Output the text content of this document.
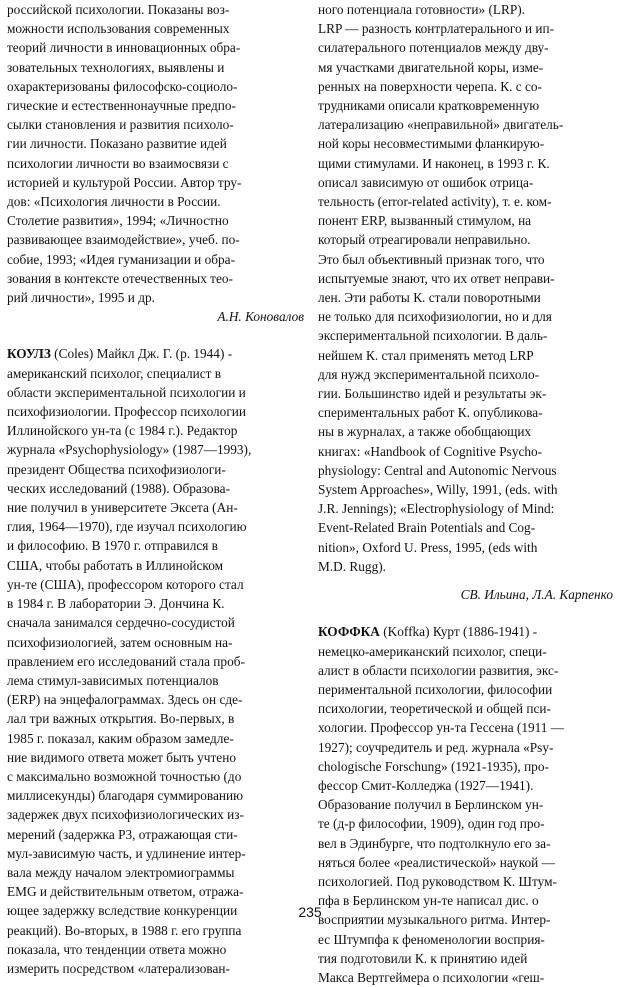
российской психологии. Показаны воз-
можности использования современных
теорий личности в инновационных обра-
зовательных технологиях, выявлены и
охарактеризованы философско-социоло-
гические и естественнонаучные предпо-
сылки становления и развития психоло-
гии личности. Показано развитие идей
психологии личности во взаимосвязи с
историей и культурой России. Автор тру-
дов: «Психология личности в России.
Столетие развития», 1994; «Личностно
развивающее взаимодействие», учеб. по-
собие, 1993; «Идея гуманизации и обра-
зования в контексте отечественных тео-
рий личности», 1995 и др.
А.Н. Коновалов
КОУЛЗ (Coles) Майкл Дж. Г. (р. 1944) -
американский психолог, специалист в
области экспериментальной психологии и
психофизиологии. Профессор психологии
Иллинойского ун-та (с 1984 г.). Редактор
журнала «Psychophysiology» (1987—1993),
президент Общества психофизиологи-
ческих исследований (1988). Образова-
ние получил в университете Эксета (Ан-
глия, 1964—1970), где изучал психологию
и философию. В 1970 г. отправился в
США, чтобы работать в Иллинойском
ун-те (США), профессором которого стал
в 1984 г. В лаборатории Э. Дончина К.
сначала занимался сердечно-сосудистой
психофизиологией, затем основным на-
правлением его исследований стала проб-
лема стимул-зависимых потенциалов
(ERP) на энцефалограммах. Здесь он сде-
лал три важных открытия. Во-первых, в
1985 г. показал, каким образом замедле-
ние видимого ответа может быть учтено
с максимально возможной точностью (до
миллисекунды) благодаря суммированию
задержек двух психофизиологических из-
мерений (задержка P3, отражающая сти-
мул-зависимую часть, и удлинение интер-
вала между началом электромиограммы
EMG и действительным ответом, отража-
ющее задержку вследствие конкуренции
реакций). Во-вторых, в 1988 г. его группа
показала, что тенденции ответа можно
измерить посредством «латерализован-
ного потенциала готовности» (LRP).
LRP — разность контрлатерального и ип-
силатерального потенциалов между дву-
мя участками двигательной коры, изме-
ренных на поверхности черепа. К. с со-
трудниками описали кратковременную
латерализацию «неправильной» двигатель-
ной коры несовместимыми фланкирую-
щими стимулами. И наконец, в 1993 г. К.
описал зависимую от ошибок отрица-
тельность (error-related activity), т. е. ком-
понент ERP, вызванный стимулом, на
который отреагировали неправильно.
Это был объективный признак того, что
испытуемые знают, что их ответ неправи-
лен. Эти работы К. стали поворотными
не только для психофизиологии, но и для
экспериментальной психологии. В даль-
нейшем К. стал применять метод LRP
для нужд экспериментальной психоло-
гии. Большинство идей и результаты эк-
спериментальных работ К. опубликова-
ны в журналах, а также обобщающих
книгах: «Handbook of Cognitive Psycho-
physiology: Central and Autonomic Nervous
System Approaches», Willy, 1991, (eds. with
J.R. Jennings); «Electrophysiology of Mind:
Event-Related Brain Potentials and Cog-
nition», Oxford U. Press, 1995, (eds with
M.D. Rugg).
СВ. Ильина, Л.А. Карпенко
КОФФКА (Koffka) Курт (1886-1941) -
немецко-американский психолог, специ-
алист в области психологии развития, экс-
периментальной психологии, философии
психологии, теоретической и общей пси-
хологии. Профессор ун-та Гессена (1911 —
1927); соучредитель и ред. журнала «Psy-
chologische Forschung» (1921-1935), про-
фессор Смит-Колледжа (1927—1941).
Образование получил в Берлинском ун-
те (д-р философии, 1909), один год про-
вел в Эдинбурге, что подтолкнуло его за-
няться более «реалистической» наукой —
психологией. Под руководством К. Штум-
пфа в Берлинском ун-те написал дис. о
восприятии музыкального ритма. Интер-
ес Штумпфа к феноменологии восприя-
тия подготовили К. к принятию идей
Макса Вертгеймера о психологии «геш-
235
